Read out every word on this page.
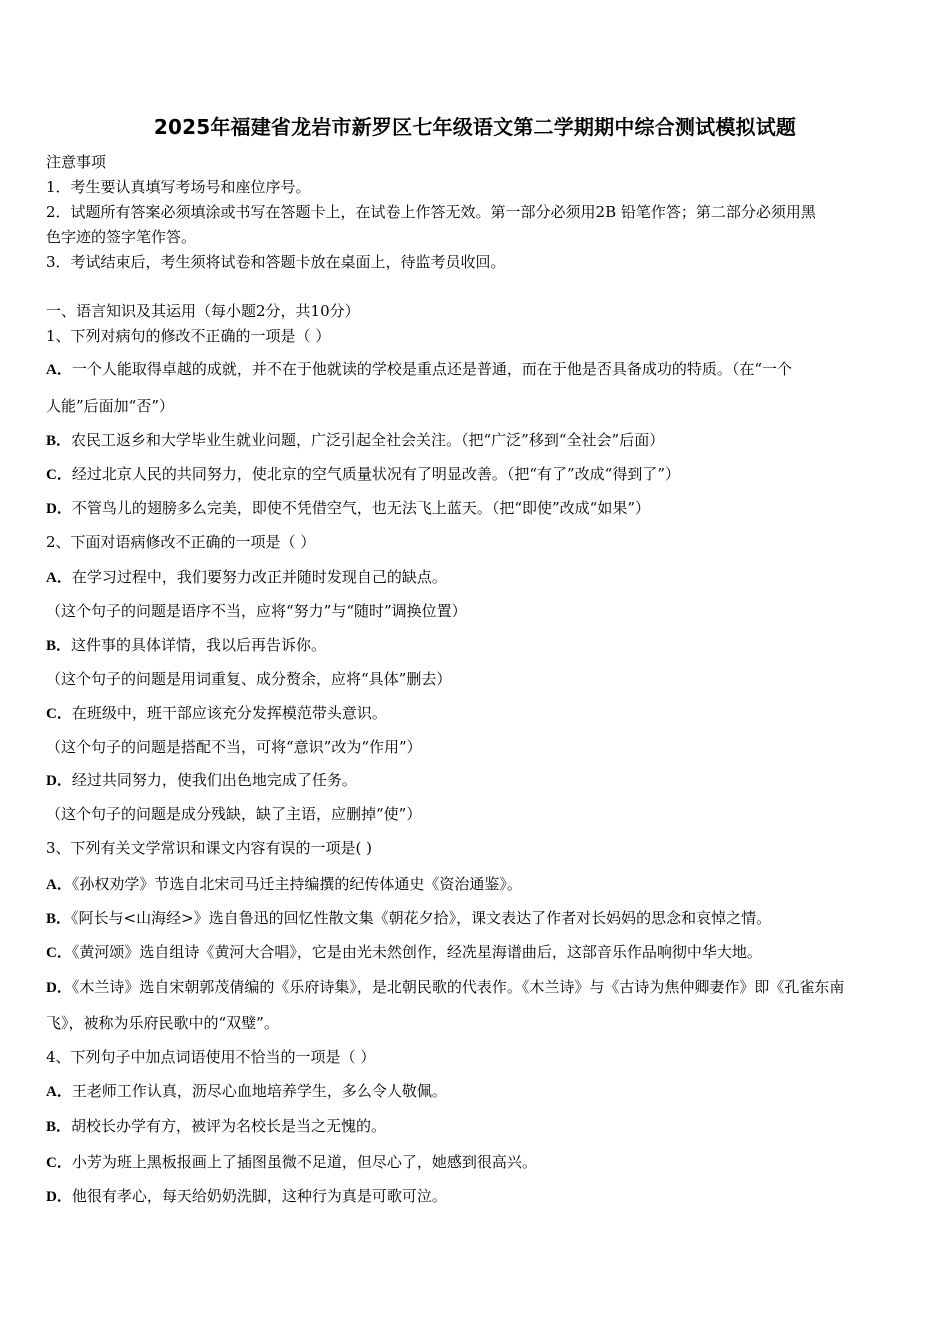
2025年福建省龙岩市新罗区七年级语文第二学期期中综合测试模拟试题
注意事项
1．考生要认真填写考场号和座位序号。
2．试题所有答案必须填涂或书写在答题卡上，在试卷上作答无效。第一部分必须用2B 铅笔作答；第二部分必须用黑
色字迹的签字笔作答。
3．考试结束后，考生须将试卷和答题卡放在桌面上，待监考员收回。
一、语言知识及其运用（每小题2分，共10分）
1、下列对病句的修改不正确的一项是（ ）
A．一个人能取得卓越的成就，并不在于他就读的学校是重点还是普通，而在于他是否具备成功的特质。（在“一个
人能”后面加“否”）
B．农民工返乡和大学毕业生就业问题，广泛引起全社会关注。（把“广泛”移到“全社会”后面）
C．经过北京人民的共同努力，使北京的空气质量状况有了明显改善。（把“有了”改成“得到了”）
D．不管鸟儿的翅膀多么完美，即使不凭借空气，也无法飞上蓝天。（把“即使”改成“如果”）
2、下面对语病修改不正确的一项是（ ）
A．在学习过程中，我们要努力改正并随时发现自己的缺点。
（这个句子的问题是语序不当，应将“努力”与“随时”调换位置）
B．这件事的具体详情，我以后再告诉你。
（这个句子的问题是用词重复、成分赘余，应将“具体”删去）
C．在班级中，班干部应该充分发挥模范带头意识。
（这个句子的问题是搭配不当，可将“意识”改为“作用”）
D．经过共同努力，使我们出色地完成了任务。
（这个句子的问题是成分残缺，缺了主语，应删掉“使”）
3、下列有关文学常识和课文内容有误的一项是( )
A．《孙权劝学》节选自北宋司马迁主持编撰的纪传体通史《资治通鉴》。
B．《阿长与<山海经>》选自鲁迅的回忆性散文集《朝花夕拾》，课文表达了作者对长妈妈的思念和哀悼之情。
C．《黄河颂》选自组诗《黄河大合唱》，它是由光未然创作，经冼星海谱曲后，这部音乐作品响彻中华大地。
D．《木兰诗》选自宋朝郭茂倩编的《乐府诗集》，是北朝民歌的代表作。《木兰诗》与《古诗为焦仲卿妻作》即《孔雀东南
飞》，被称为乐府民歌中的“双璧”。
4、下列句子中加点词语使用不恰当的一项是（ ）
A．王老师工作认真，沥尽心血地培养学生，多么令人敬佩。
B．胡校长办学有方，被评为名校长是当之无愧的。
C．小芳为班上黑板报画上了插图虽微不足道，但尽心了，她感到很高兴。
D．他很有孝心，每天给奶奶洗脚，这种行为真是可歌可泣。
